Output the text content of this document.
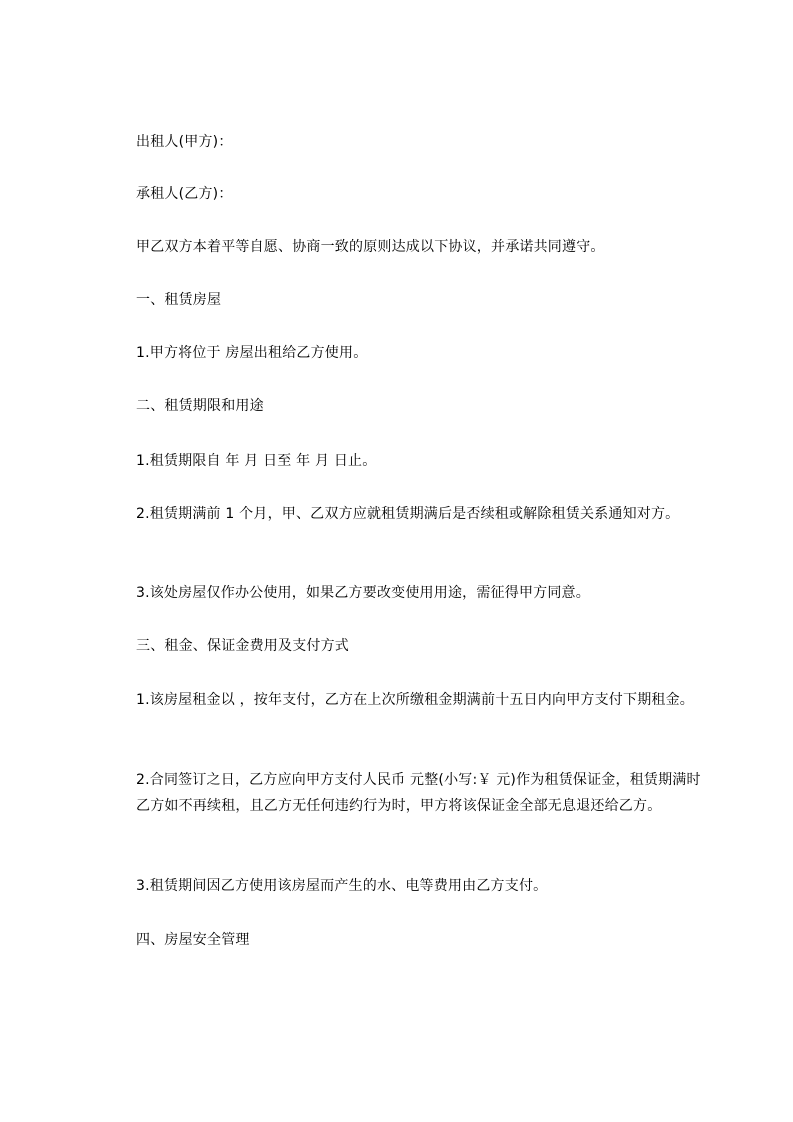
出租人(甲方)：
承租人(乙方)：
甲乙双方本着平等自愿、协商一致的原则达成以下协议，并承诺共同遵守。
一、租赁房屋
1.甲方将位于 房屋出租给乙方使用。
二、租赁期限和用途
1.租赁期限自 年 月 日至 年 月 日止。
2.租赁期满前 1 个月，甲、乙双方应就租赁期满后是否续租或解除租赁关系通知对方。
3.该处房屋仅作办公使用，如果乙方要改变使用用途，需征得甲方同意。
三、租金、保证金费用及支付方式
1.该房屋租金以 ，按年支付，乙方在上次所缴租金期满前十五日内向甲方支付下期租金。
2.合同签订之日，乙方应向甲方支付人民币 元整(小写:￥ 元)作为租赁保证金，租赁期满时乙方如不再续租，且乙方无任何违约行为时，甲方将该保证金全部无息退还给乙方。
3.租赁期间因乙方使用该房屋而产生的水、电等费用由乙方支付。
四、房屋安全管理
